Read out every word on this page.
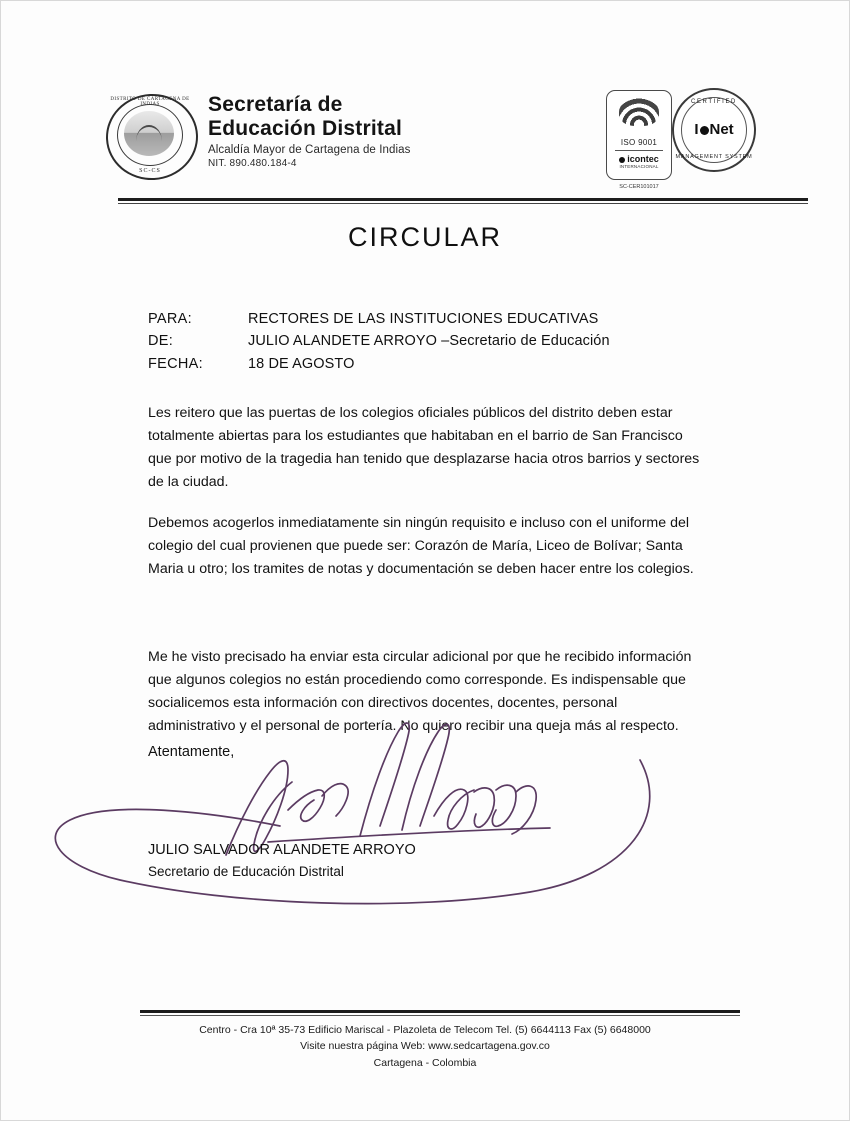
DISTRITO DE CARTAGENA DE INDIAS
SC-CS
Secretaría de
Educación Distrital
Alcaldía Mayor de Cartagena de Indias
NIT. 890.480.184-4
ISO 9001
icontec
INTERNACIONAL
SC-CER101017
CERTIFIED
I Net
MANAGEMENT SYSTEM
CIRCULAR
PARA:	RECTORES DE LAS INSTITUCIONES EDUCATIVAS
DE:	JULIO ALANDETE ARROYO –Secretario de Educación
FECHA:	18 DE AGOSTO
Les reitero que las puertas de los colegios oficiales públicos del distrito deben estar totalmente abiertas para los estudiantes que habitaban en el barrio de San Francisco que por motivo de la tragedia han tenido que desplazarse hacia otros barrios y sectores de la ciudad.
Debemos acogerlos inmediatamente sin ningún requisito e incluso con el uniforme del colegio del cual provienen que puede ser: Corazón de María, Liceo de Bolívar; Santa Maria u otro; los tramites de notas y documentación se deben hacer entre los colegios.
Me he visto precisado ha enviar esta circular adicional por que he recibido información que algunos colegios no están procediendo como corresponde. Es indispensable que socialicemos esta información con directivos docentes, docentes, personal administrativo y el personal de portería. No quiero recibir una queja más al respecto.
Atentamente,
JULIO SALVADOR ALANDETE ARROYO
Secretario de Educación Distrital
Centro - Cra 10ª 35-73 Edificio Mariscal - Plazoleta de Telecom Tel. (5) 6644113 Fax (5) 6648000
Visite nuestra página Web: www.sedcartagena.gov.co
Cartagena - Colombia
